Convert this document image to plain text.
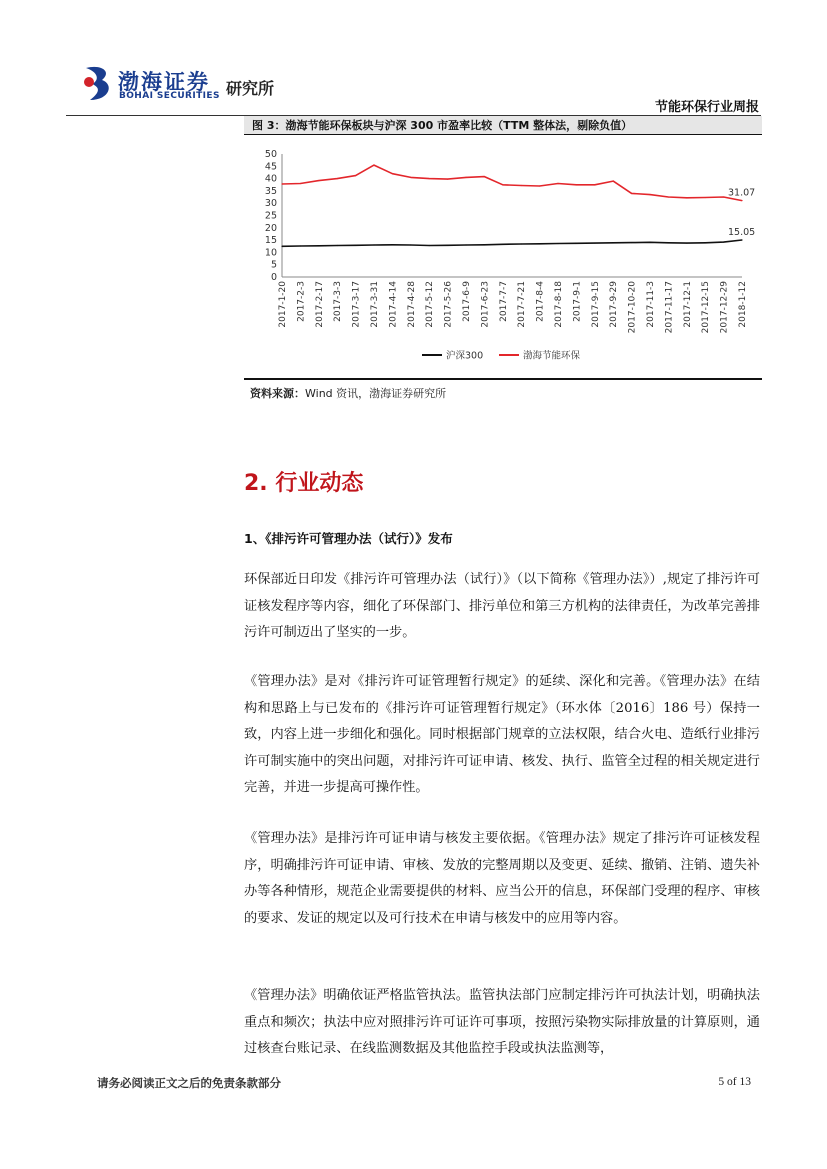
渤海证券
BOHAI SECURITIES 研究所
节能环保行业周报
图 3：渤海节能环保板块与沪深 300 市盈率比较（TTM 整体法，剔除负值）
0
5
10
15
20
25
30
35
40
45
50
2017-1-20 2017-2-3 2017-2-17 2017-3-3 2017-3-17 2017-3-31 2017-4-14 2017-4-28 2017-5-12 2017-5-26 2017-6-9 2017-6-23 2017-7-7 2017-7-21 2017-8-4 2017-8-18 2017-9-1 2017-9-15 2017-9-29 2017-10-20 2017-11-3 2017-11-17 2017-12-1 2017-12-15 2017-12-29 2018-1-12
15.05
31.07
沪深300	渤海节能环保
资料来源：Wind 资讯，渤海证券研究所
2. 行业动态
1、《排污许可管理办法（试行）》发布
环保部近日印发《排污许可管理办法（试行）》（以下简称《管理办法》）,规定了排污许可证核发程序等内容，细化了环保部门、排污单位和第三方机构的法律责任，为改革完善排污许可制迈出了坚实的一步。
《管理办法》是对《排污许可证管理暂行规定》的延续、深化和完善。《管理办法》在结构和思路上与已发布的《排污许可证管理暂行规定》（环水体〔2016〕186 号）保持一致，内容上进一步细化和强化。同时根据部门规章的立法权限，结合火电、造纸行业排污许可制实施中的突出问题，对排污许可证申请、核发、执行、监管全过程的相关规定进行完善，并进一步提高可操作性。
《管理办法》是排污许可证申请与核发主要依据。《管理办法》规定了排污许可证核发程序，明确排污许可证申请、审核、发放的完整周期以及变更、延续、撤销、注销、遗失补办等各种情形，规范企业需要提供的材料、应当公开的信息，环保部门受理的程序、审核的要求、发证的规定以及可行技术在申请与核发中的应用等内容。
《管理办法》明确依证严格监管执法。监管执法部门应制定排污许可执法计划，明确执法重点和频次；执法中应对照排污许可证许可事项，按照污染物实际排放量的计算原则，通过核查台账记录、在线监测数据及其他监控手段或执法监测等，
请务必阅读正文之后的免责条款部分	5 of 13
